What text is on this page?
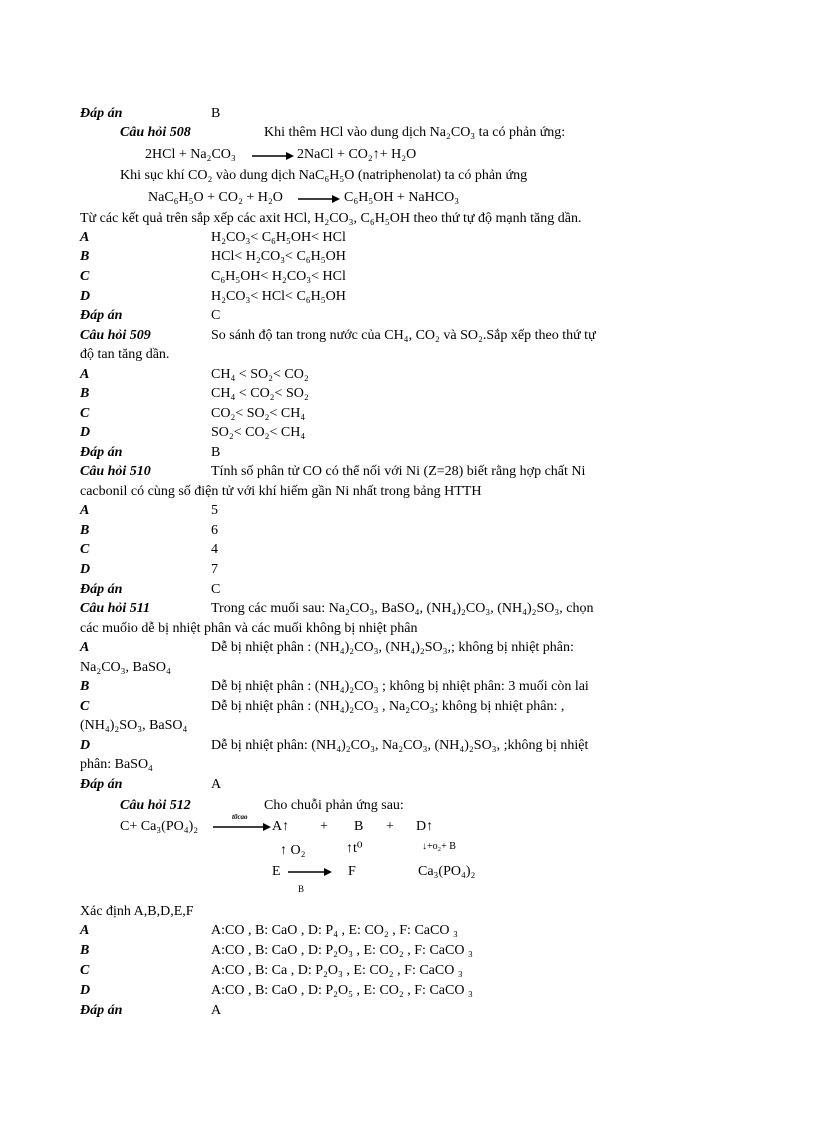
Đáp án	B
Câu hỏi 508	Khi thêm HCl vào dung dịch Na₂CO₃ ta có phản ứng:
2HCl + Na₂CO₃ → 2NaCl + CO₂↑+ H₂O
Khi sục khí CO₂ vào dung dịch NaC₆H₅O (natriphenolat) ta có phản ứng
NaC₆H₅O + CO₂ + H₂O → C₆H₅OH + NaHCO₃
Từ các kết quả trên sắp xếp các axit HCl, H₂CO₃, C₆H₅OH theo thứ tự độ mạnh tăng dần.
A	H₂CO₃< C₆H₅OH< HCl
B	HCl< H₂CO₃< C₆H₅OH
C	C₆H₅OH< H₂CO₃< HCl
D	H₂CO₃< HCl< C₆H₅OH
Đáp án	C
Câu hỏi 509	So sánh độ tan trong nước của CH₄, CO₂ và SO₂.Sắp xếp theo thứ tự
độ tan tăng dần.
A	CH₄ < SO₂< CO₂
B	CH₄ < CO₂< SO₂
C	CO₂< SO₂< CH₄
D	SO₂< CO₂< CH₄
Đáp án	B
Câu hỏi 510	Tính số phân tử CO có thể nối với Ni (Z=28) biết rằng hợp chất Ni
cacbonil có cùng số điện tử với khí hiếm gần Ni nhất trong bảng HTTH
A	5
B	6
C	4
D	7
Đáp án	C
Câu hỏi 511	Trong các muối sau: Na₂CO₃, BaSO₄, (NH₄)₂CO₃, (NH₄)₂SO₃, chọn
các muốio dễ bị nhiệt phân và các muối không bị nhiệt phân
A	Dễ bị nhiệt phân : (NH₄)₂CO₃, (NH₄)₂SO₃,; không bị nhiệt phân:
Na₂CO₃, BaSO₄
B	Dễ bị nhiệt phân : (NH₄)₂CO₃ ; không bị nhiệt phân: 3 muối còn lai
C	Dễ bị nhiệt phân : (NH₄)₂CO₃ , Na₂CO₃; không bị nhiệt phân: ,
(NH₄)₂SO₃, BaSO₄
D	Dễ bị nhiệt phân: (NH₄)₂CO₃, Na₂CO₃, (NH₄)₂SO₃, ;không bị nhiệt
phân: BaSO₄
Đáp án	A
Câu hỏi 512	Cho chuỗi phản ứng sau:
C+ Ca₃(PO₄)₂
t0cao
A↑ + B + D↑
↑ O₂	↑t⁰	↓+o₂+ B
E →
B
F	Ca₃(PO₄)₂
Xác định A,B,D,E,F
A	A:CO , B: CaO , D: P₄ , E: CO₂ , F: CaCO ₃
B	A:CO , B: CaO , D: P₂O₃ , E: CO₂ , F: CaCO ₃
C	A:CO , B: Ca , D: P₂O₃ , E: CO₂ , F: CaCO ₃
D	A:CO , B: CaO , D: P₂O₅ , E: CO₂ , F: CaCO ₃
Đáp án	A
